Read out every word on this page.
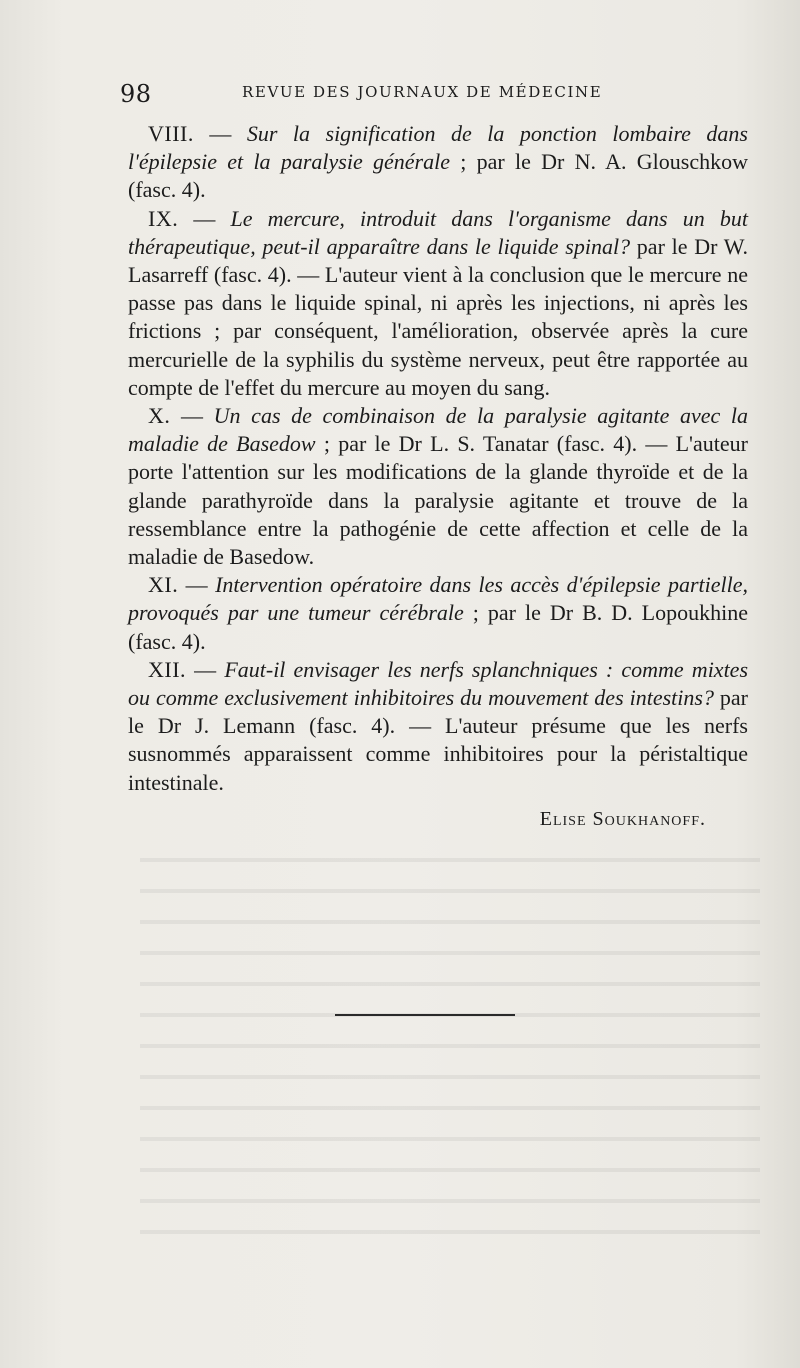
98	REVUE DES JOURNAUX DE MÉDECINE

VIII. — Sur la signification de la ponction lombaire dans l'épilepsie et la paralysie générale ; par le Dr N. A. Glouschkow (fasc. 4).

IX. — Le mercure, introduit dans l'organisme dans un but thérapeutique, peut-il apparaître dans le liquide spinal? par le Dr W. Lasarreff (fasc. 4). — L'auteur vient à la conclusion que le mercure ne passe pas dans le liquide spinal, ni après les injections, ni après les frictions ; par conséquent, l'amélioration, observée après la cure mercurielle de la syphilis du système nerveux, peut être rapportée au compte de l'effet du mercure au moyen du sang.

X. — Un cas de combinaison de la paralysie agitante avec la maladie de Basedow ; par le Dr L. S. Tanatar (fasc. 4). — L'auteur porte l'attention sur les modifications de la glande thyroïde et de la glande parathyroïde dans la paralysie agitante et trouve de la ressemblance entre la pathogénie de cette affection et celle de la maladie de Basedow.

XI. — Intervention opératoire dans les accès d'épilepsie partielle, provoqués par une tumeur cérébrale ; par le Dr B. D. Lopoukhine (fasc. 4).

XII. — Faut-il envisager les nerfs splanchniques : comme mixtes ou comme exclusivement inhibitoires du mouvement des intestins? par le Dr J. Lemann (fasc. 4). — L'auteur présume que les nerfs susnommés apparaissent comme inhibitoires pour la péristaltique intestinale.

Elise Soukhanoff.
